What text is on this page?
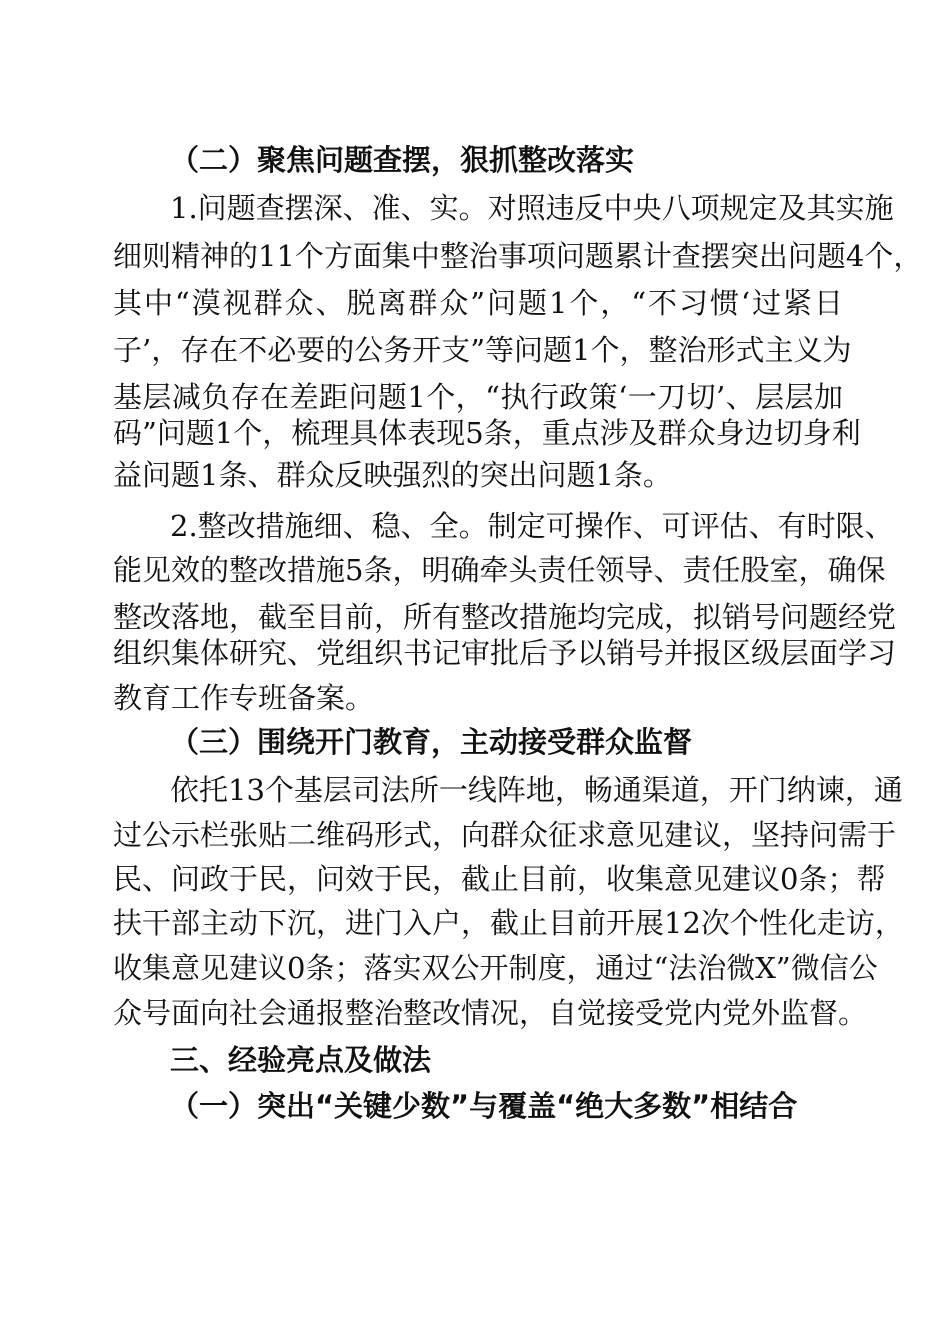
（二）聚焦问题查摆，狠抓整改落实
1.问题查摆深、准、实。对照违反中央八项规定及其实施
细则精神的11个方面集中整治事项问题累计查摆突出问题4个，
其中“漠视群众、脱离群众”问题1个，“不习惯‘过紧日
子’，存在不必要的公务开支”等问题1个，整治形式主义为
基层减负存在差距问题1个，“执行政策‘一刀切’、层层加
码”问题1个，梳理具体表现5条，重点涉及群众身边切身利
益问题1条、群众反映强烈的突出问题1条。
2.整改措施细、稳、全。制定可操作、可评估、有时限、
能见效的整改措施5条，明确牵头责任领导、责任股室，确保
整改落地，截至目前，所有整改措施均完成，拟销号问题经党
组织集体研究、党组织书记审批后予以销号并报区级层面学习
教育工作专班备案。
（三）围绕开门教育，主动接受群众监督
依托13个基层司法所一线阵地，畅通渠道，开门纳谏，通
过公示栏张贴二维码形式，向群众征求意见建议，坚持问需于
民、问政于民，问效于民，截止目前，收集意见建议0条；帮
扶干部主动下沉，进门入户，截止目前开展12次个性化走访，
收集意见建议0条；落实双公开制度，通过“法治微X”微信公
众号面向社会通报整治整改情况，自觉接受党内党外监督。
三、经验亮点及做法
（一）突出“关键少数”与覆盖“绝大多数”相结合
